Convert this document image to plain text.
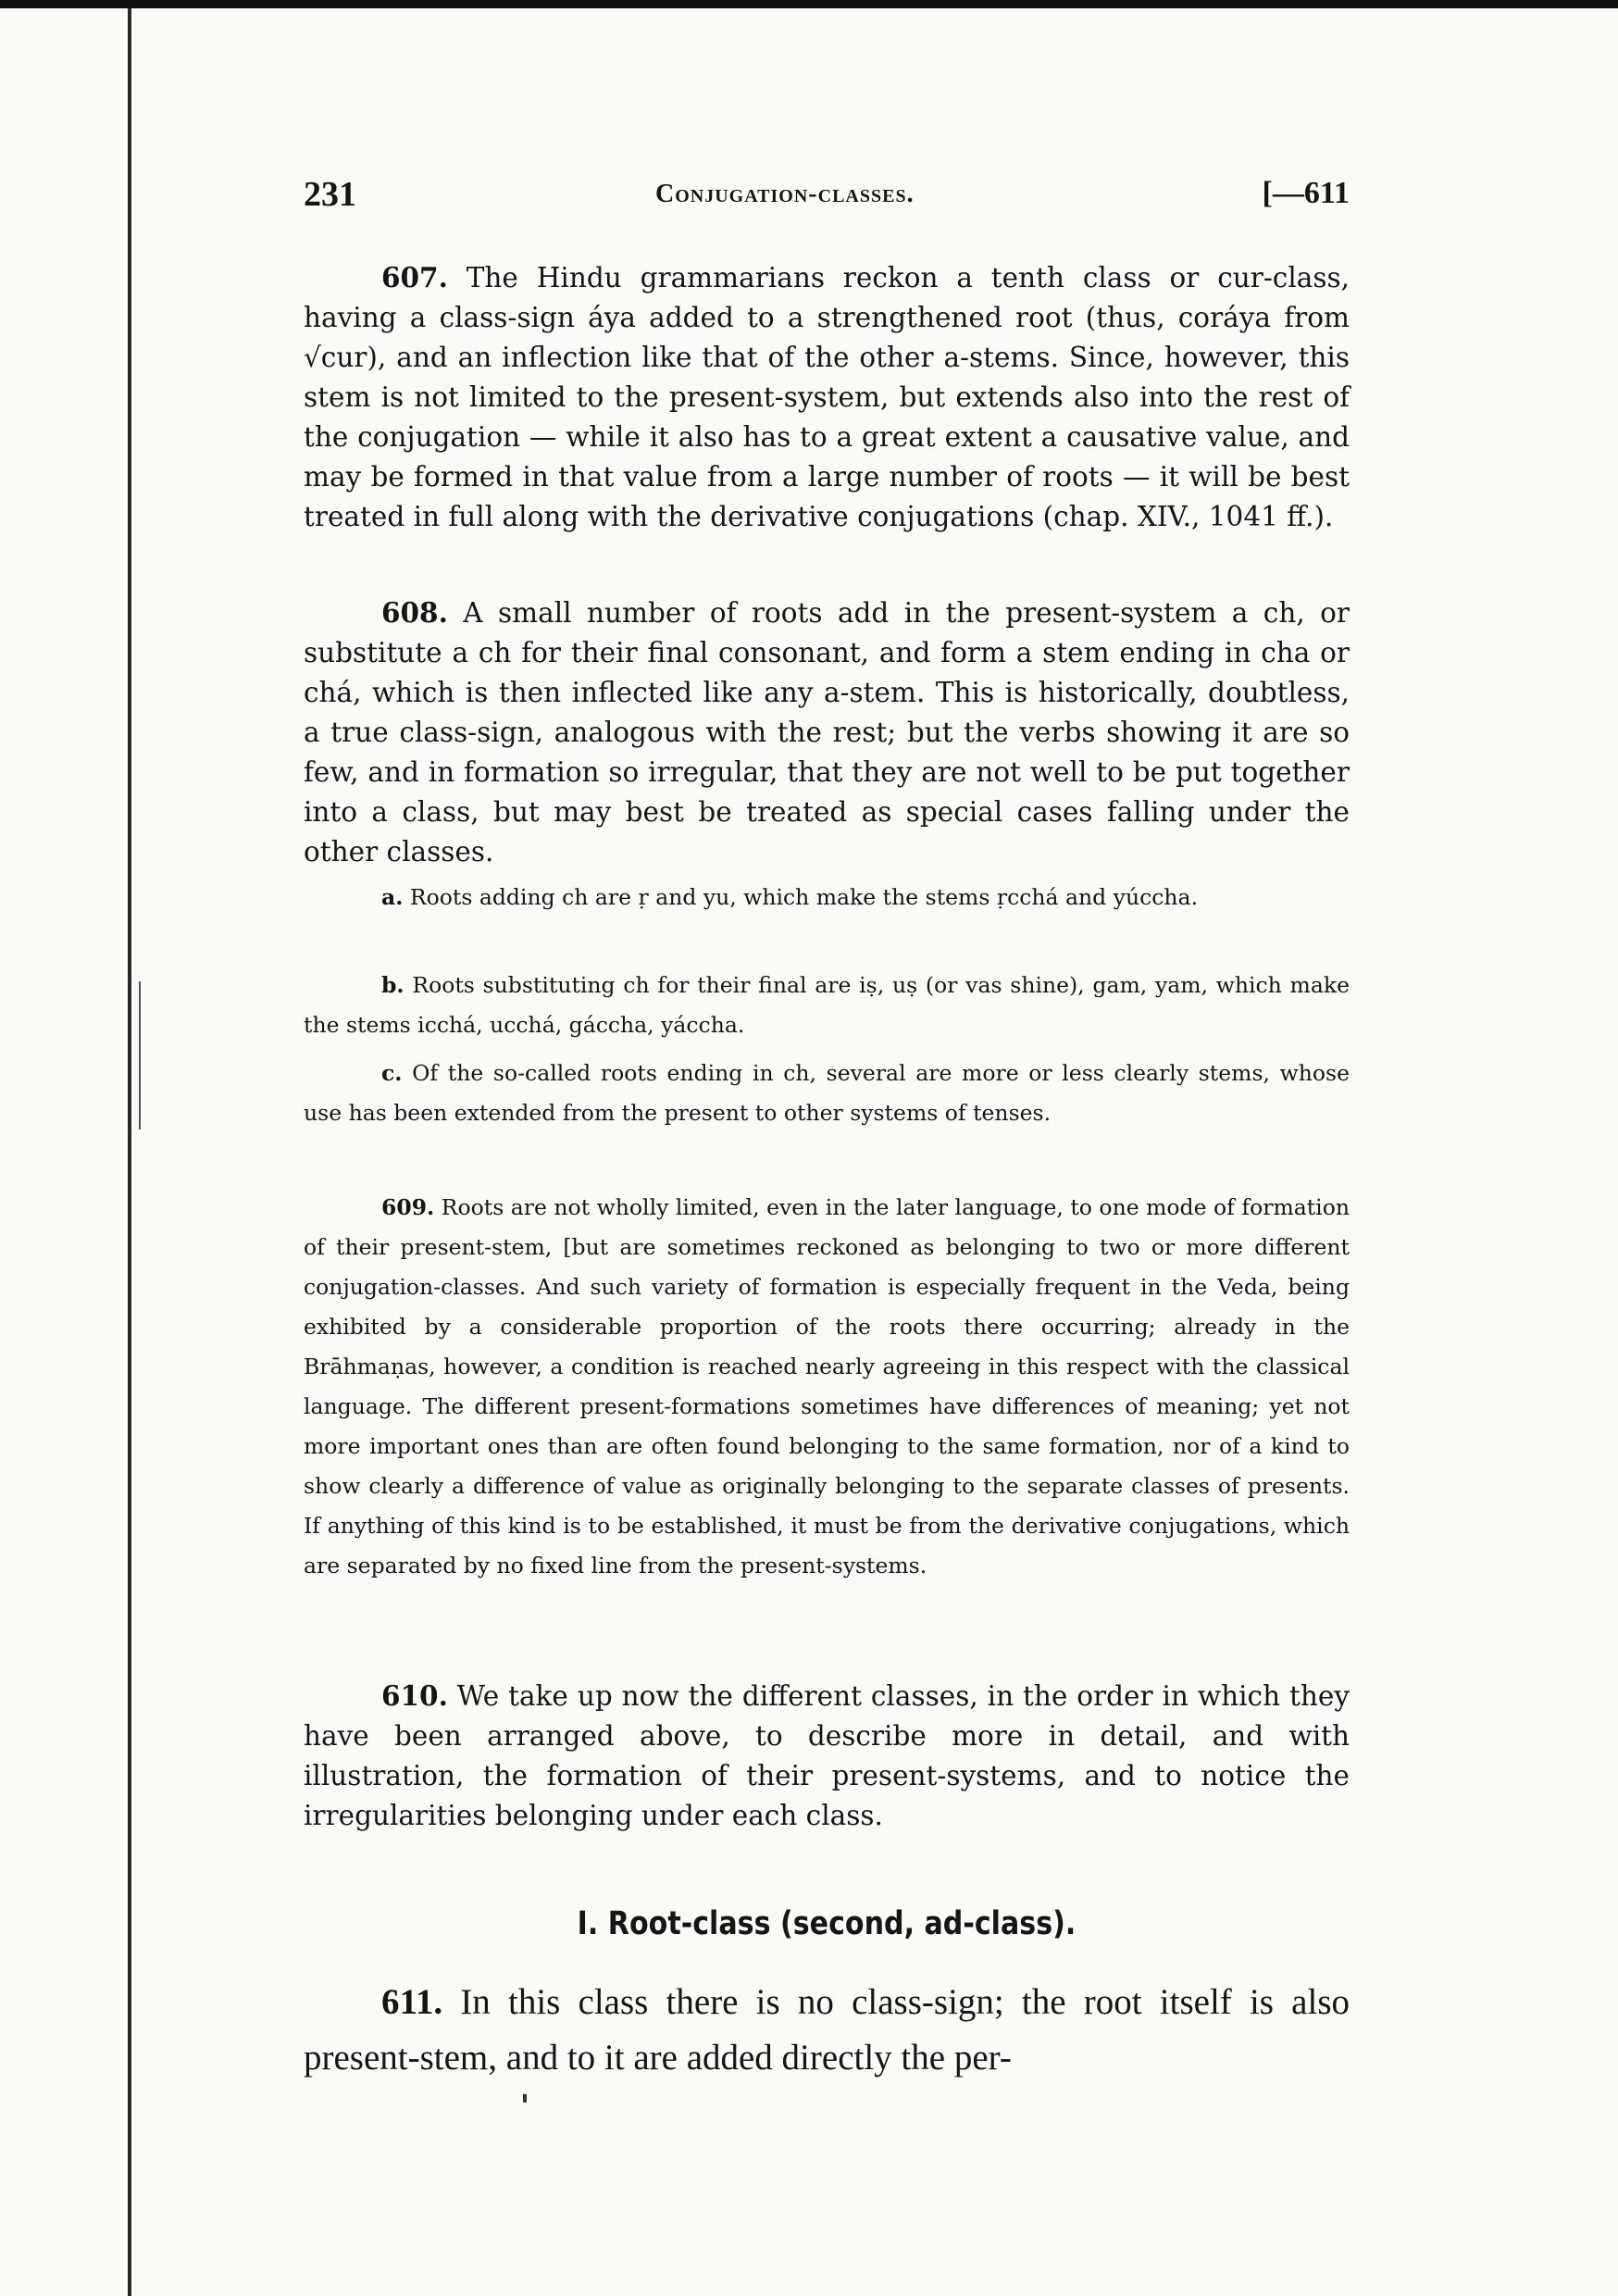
231	Conjugation-classes.	[—611

607. The Hindu grammarians reckon a tenth class or cur-class, having a class-sign áya added to a strengthened root (thus, coráya from √cur), and an inflection like that of the other a-stems. Since, however, this stem is not limited to the present-system, but extends also into the rest of the conjugation — while it also has to a great extent a causative value, and may be formed in that value from a large number of roots — it will be best treated in full along with the derivative conjugations (chap. XIV., 1041 ff.).

608. A small number of roots add in the present-system a ch, or substitute a ch for their final consonant, and form a stem ending in cha or chá, which is then inflected like any a-stem. This is historically, doubtless, a true class-sign, analogous with the rest; but the verbs showing it are so few, and in formation so irregular, that they are not well to be put together into a class, but may best be treated as special cases falling under the other classes.

a. Roots adding ch are ṛ and yu, which make the stems ṛcchá and yúccha.

b. Roots substituting ch for their final are iṣ, uṣ (or vas shine), gam, yam, which make the stems icchá, ucchá, gáccha, yáccha.

c. Of the so-called roots ending in ch, several are more or less clearly stems, whose use has been extended from the present to other systems of tenses.

609. Roots are not wholly limited, even in the later language, to one mode of formation of their present-stem, [but are sometimes reckoned as belonging to two or more different conjugation-classes. And such variety of formation is especially frequent in the Veda, being exhibited by a considerable proportion of the roots there occurring; already in the Brāhmaṇas, however, a condition is reached nearly agreeing in this respect with the classical language. The different present-formations sometimes have differences of meaning; yet not more important ones than are often found belonging to the same formation, nor of a kind to show clearly a difference of value as originally belonging to the separate classes of presents. If anything of this kind is to be established, it must be from the derivative conjugations, which are separated by no fixed line from the present-systems.

610. We take up now the different classes, in the order in which they have been arranged above, to describe more in detail, and with illustration, the formation of their present-systems, and to notice the irregularities belonging under each class.

I. Root-class (second, ad-class).

611. In this class there is no class-sign; the root itself is also present-stem, and to it are added directly the per-
